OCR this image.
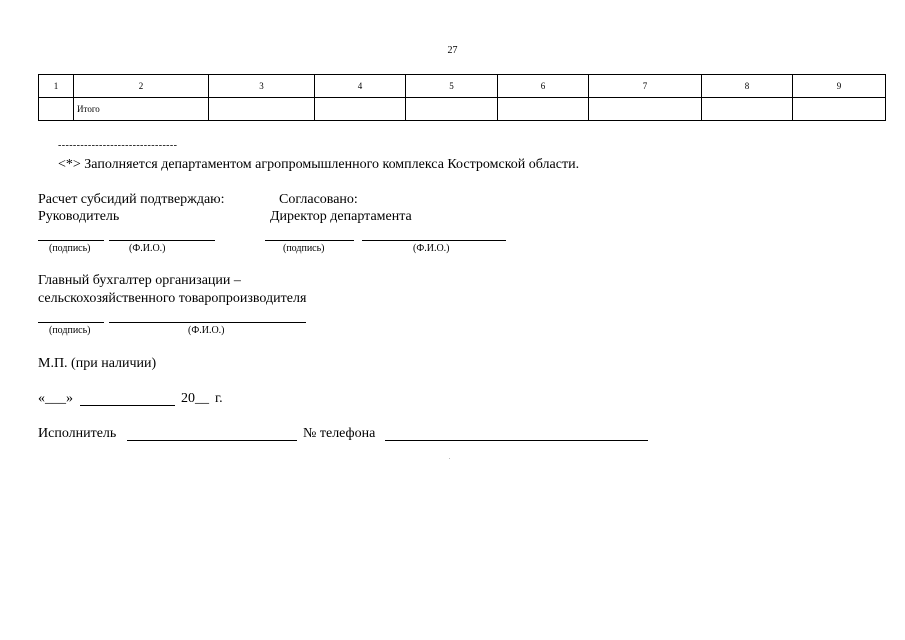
27
1	2	3	4	5	6	7	8	9
	Итого							
--------------------------------
<*> Заполняется департаментом агропромышленного комплекса Костромской области.
Расчет субсидий подтверждаю:
Руководитель
(подпись)	(Ф.И.О.)
Согласовано:
Директор департамента
(подпись)	(Ф.И.О.)
Главный бухгалтер организации –
сельскохозяйственного товаропроизводителя
(подпись)	(Ф.И.О.)
М.П. (при наличии)
«___»	20__ г.
Исполнитель	№ телефона
